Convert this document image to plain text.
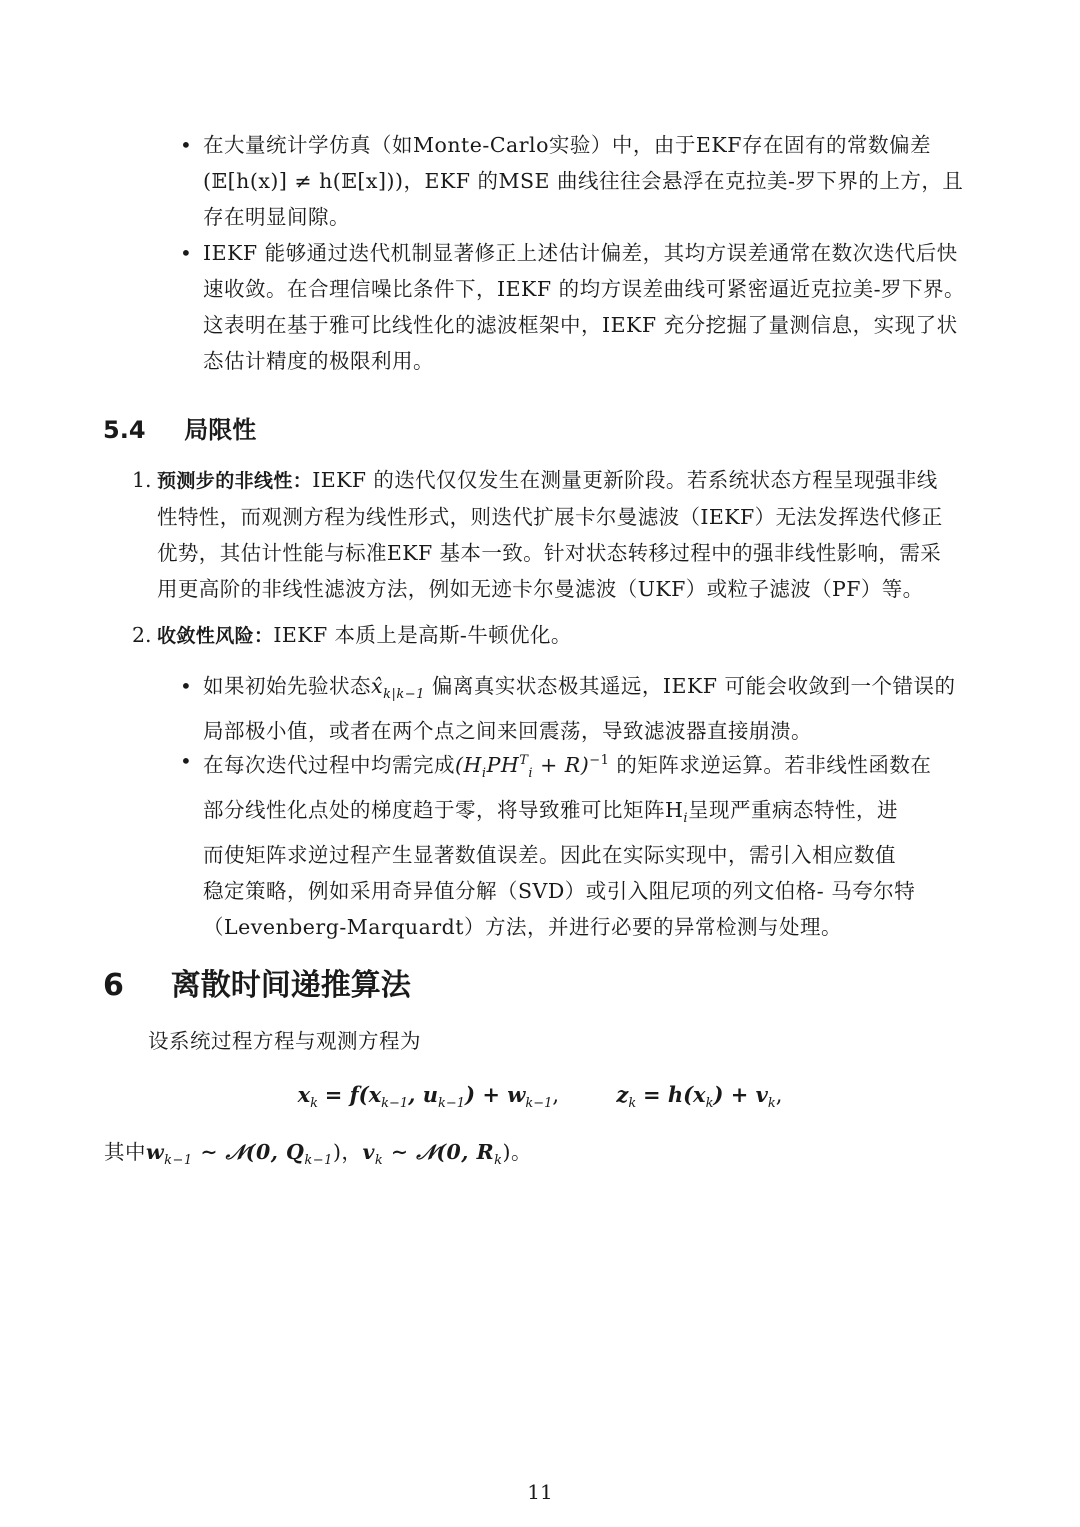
• 在大量统计学仿真（如Monte-Carlo实验）中，由于EKF存在固有的常数偏差
(𝔼[h(x)] ≠ h(𝔼[x]))，EKF 的MSE 曲线往往会悬浮在克拉美-罗下界的上方，且
存在明显间隙。
• IEKF 能够通过迭代机制显著修正上述估计偏差，其均方误差通常在数次迭代后快
速收敛。在合理信噪比条件下，IEKF 的均方误差曲线可紧密逼近克拉美-罗下界。
这表明在基于雅可比线性化的滤波框架中，IEKF 充分挖掘了量测信息，实现了状
态估计精度的极限利用。
5.4 局限性
1. 预测步的非线性：IEKF 的迭代仅仅发生在测量更新阶段。若系统状态方程呈现强非线
性特性，而观测方程为线性形式，则迭代扩展卡尔曼滤波（IEKF）无法发挥迭代修正
优势，其估计性能与标准EKF 基本一致。针对状态转移过程中的强非线性影响，需采
用更高阶的非线性滤波方法，例如无迹卡尔曼滤波（UKF）或粒子滤波（PF）等。
2. 收敛性风险：IEKF 本质上是高斯-牛顿优化。
• 如果初始先验状态$x̂_{k|k-1}$ 偏离真实状态极其遥远，IEKF 可能会收敛到一个错误的
局部极小值，或者在两个点之间来回震荡，导致滤波器直接崩溃。
• 在每次迭代过程中均需完成$(H_iPH^T_i + R)^{-1}$ 的矩阵求逆运算。若非线性函数在
部分线性化点处的梯度趋于零，将导致雅可比矩阵$H_i$呈现严重病态特性，进
而使矩阵求逆过程产生显著数值误差。因此在实际实现中，需引入相应数值
稳定策略，例如采用奇异值分解（SVD）或引入阻尼项的列文伯格- 马夸尔特
（Levenberg-Marquardt）方法，并进行必要的异常检测与处理。
6 离散时间递推算法
设系统过程方程与观测方程为
$x_k = f(x_{k-1}$, $u_{k-1}) + w_{k-1}$,	$z_k = h(x_k) + v_k$,
其中$w_{k-1}$ ∼ 𝒩(0, $Q_{k-1}$)，$v_k$ ∼ 𝒩(0, $R_k$)。
11
